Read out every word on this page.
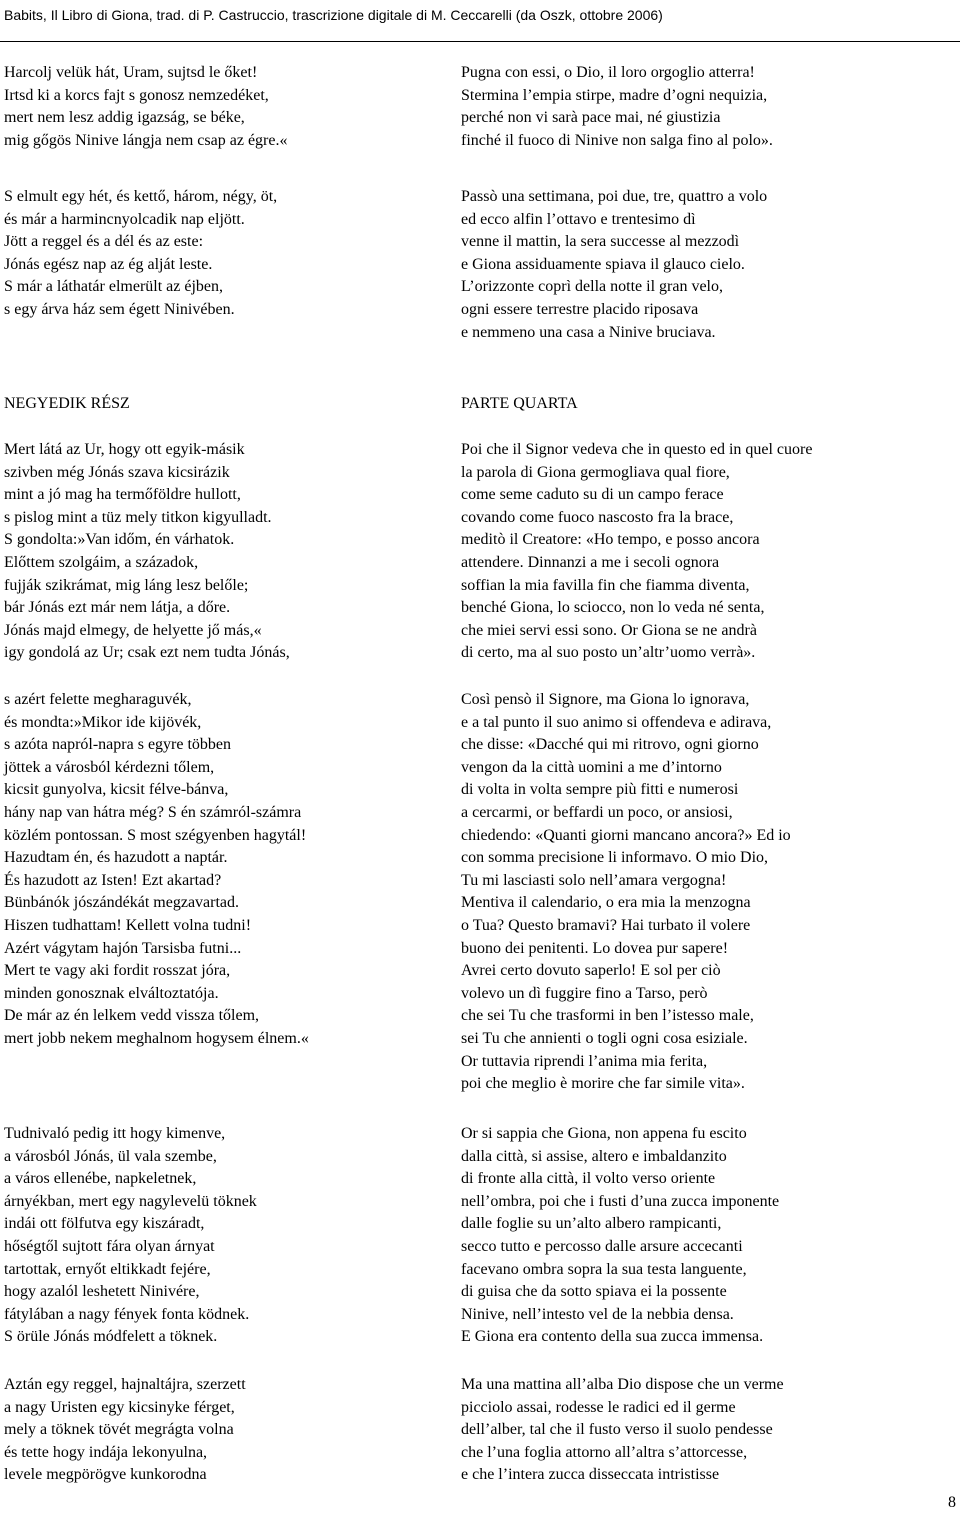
Babits, Il Libro di Giona, trad. di P. Castruccio, trascrizione digitale di M. Ceccarelli (da Oszk, ottobre 2006)
Harcolj velük hát, Uram, sujtsd le őket!
Irtsd ki a korcs fajt s gonosz nemzedéket,
mert nem lesz addig igazság, se béke,
mig gőgös Ninive lángja nem csap az égre.«
S elmult egy hét, és kettő, három, négy, öt,
és már a harmincnyolcadik nap eljött.
Jött a reggel és a dél és az este:
Jónás egész nap az ég alját leste.
S már a láthatár elmerült az éjben,
s egy árva ház sem égett Ninivében.
NEGYEDIK RÉSZ
Mert látá az Ur, hogy ott egyik-másik
szivben még Jónás szava kicsirázik
mint a jó mag ha termőföldre hullott,
s pislog mint a tüz mely titkon kigyulladt.
S gondolta:»Van időm, én várhatok.
Előttem szolgáim, a századok,
fujják szikrámat, mig láng lesz belőle;
bár Jónás ezt már nem látja, a dőre.
Jónás majd elmegy, de helyette jő más,«
igy gondolá az Ur; csak ezt nem tudta Jónás,
s azért felette megharaguvék,
és mondta:»Mikor ide kijövék,
s azóta napról-napra s egyre többen
jöttek a városból kérdezni tőlem,
kicsit gunyolva, kicsit félve-bánva,
hány nap van hátra még? S én számról-számra
közlém pontossan. S most szégyenben hagytál!
Hazudtam én, és hazudott a naptár.
És hazudott az Isten! Ezt akartad?
Bünbánók jószándékát megzavartad.
Hiszen tudhattam! Kellett volna tudni!
Azért vágytam hajón Tarsisba futni...
Mert te vagy aki fordit rosszat jóra,
minden gonosznak elváltoztatója.
De már az én lelkem vedd vissza tőlem,
mert jobb nekem meghalnom hogysem élnem.«
Tudnivaló pedig itt hogy kimenve,
a városból Jónás, ül vala szembe,
a város ellenébe, napkeletnek,
árnyékban, mert egy nagylevelü töknek
indái ott fölfutva egy kiszáradt,
hőségtől sujtott fára olyan árnyat
tartottak, ernyőt eltikkadt fejére,
hogy azalól leshetett Ninivére,
fátylában a nagy fények fonta ködnek.
S örüle Jónás módfelett a töknek.
Aztán egy reggel, hajnaltájra, szerzett
a nagy Uristen egy kicsinyke férget,
mely a töknek tövét megrágta volna
és tette hogy indája lekonyulna,
levele megpörögve kunkorodna
Pugna con essi, o Dio, il loro orgoglio atterra!
Stermina l’empia stirpe, madre d’ogni nequizia,
perché non vi sarà pace mai, né giustizia
finché il fuoco di Ninive non salga fino al polo».
Passò una settimana, poi due, tre, quattro a volo
ed ecco alfin l’ottavo e trentesimo dì
venne il mattin, la sera successe al mezzodì
e Giona assiduamente spiava il glauco cielo.
L’orizzonte coprì della notte il gran velo,
ogni essere terrestre placido riposava
e nemmeno una casa a Ninive bruciava.
PARTE QUARTA
Poi che il Signor vedeva che in questo ed in quel cuore
la parola di Giona germogliava qual fiore,
come seme caduto su di un campo ferace
covando come fuoco nascosto fra la brace,
meditò il Creatore: «Ho tempo, e posso ancora
attendere. Dinnanzi a me i secoli ognora
soffian la mia favilla fin che fiamma diventa,
benché Giona, lo sciocco, non lo veda né senta,
che miei servi essi sono. Or Giona se ne andrà
di certo, ma al suo posto un’altr’uomo verrà».
Così pensò il Signore, ma Giona lo ignorava,
e a tal punto il suo animo si offendeva e adirava,
che disse: «Dacché qui mi ritrovo, ogni giorno
vengon da la città uomini a me d’intorno
di volta in volta sempre più fitti e numerosi
a cercarmi, or beffardi un poco, or ansiosi,
chiedendo: «Quanti giorni mancano ancora?» Ed io
con somma precisione li informavo. O mio Dio,
Tu mi lasciasti solo nell’amara vergogna!
Mentiva il calendario, o era mia la menzogna
o Tua? Questo bramavi? Hai turbato il volere
buono dei penitenti. Lo dovea pur sapere!
Avrei certo dovuto saperlo! E sol per ciò
volevo un dì fuggire fino a Tarso, però
che sei Tu che trasformi in ben l’istesso male,
sei Tu che annienti o togli ogni cosa esiziale.
Or tuttavia riprendi l’anima mia ferita,
poi che meglio è morire che far simile vita».
Or si sappia che Giona, non appena fu escito
dalla città, si assise, altero e imbaldanzito
di fronte alla città, il volto verso oriente
nell’ombra, poi che i fusti d’una zucca imponente
dalle foglie su un’alto albero rampicanti,
secco tutto e percosso dalle arsure accecanti
facevano ombra sopra la sua testa languente,
di guisa che da sotto spiava ei la possente
Ninive, nell’intesto vel de la nebbia densa.
E Giona era contento della sua zucca immensa.
Ma una mattina all’alba Dio dispose che un verme
picciolo assai, rodesse le radici ed il germe
dell’alber, tal che il fusto verso il suolo pendesse
che l’una foglia attorno all’altra s’attorcesse,
e che l’intera zucca disseccata intristisse
8
